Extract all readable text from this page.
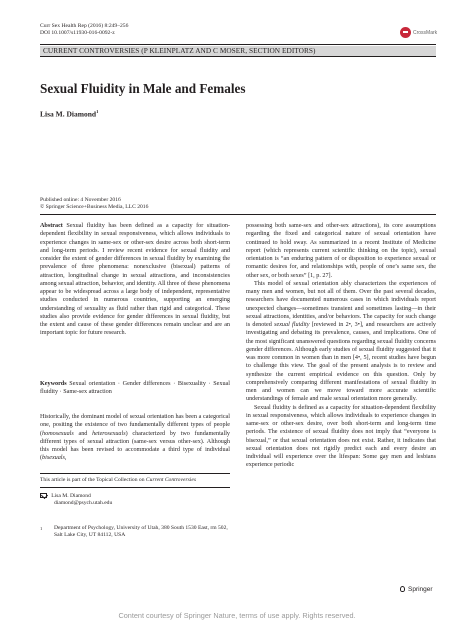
Curr Sex Health Rep (2016) 8:249–256
DOI 10.1007/s11930-016-0092-z	CrossMark
CURRENT CONTROVERSIES (P KLEINPLATZ AND C MOSER, SECTION EDITORS)
Sexual Fluidity in Male and Females
Lisa M. Diamond$^1$
Published online: 4 November 2016
© Springer Science+Business Media, LLC 2016

Abstract Sexual fluidity has been defined as a capacity for situation-dependent flexibility in sexual responsiveness, which allows individuals to experience changes in same-sex or other-sex desire across both short-term and long-term periods. I review recent evidence for sexual fluidity and consider the extent of gender differences in sexual fluidity by examining the prevalence of three phenomena: nonexclusive (bisexual) patterns of attraction, longitudinal change in sexual attractions, and inconsistencies among sexual attraction, behavior, and identity. All three of these phenomena appear to be widespread across a large body of independent, representative studies conducted in numerous countries, supporting an emerging understanding of sexuality as fluid rather than rigid and categorical. These studies also provide evidence for gender differences in sexual fluidity, but the extent and cause of these gender differences remain unclear and are an important topic for future research.

Keywords Sexual orientation · Gender differences · Bisexuality · Sexual fluidity · Same-sex attraction

Historically, the dominant model of sexual orientation has been a categorical one, positing the existence of two fundamentally different types of people (homosexuals and heterosexuals) characterized by two fundamentally different types of sexual attraction (same-sex versus other-sex). Although this model has been revised to accommodate a third type of individual (bisexuals,

This article is part of the Topical Collection on Current Controversies
Lisa M. Diamond
diamond@psych.utah.edu
1	Department of Psychology, University of Utah, 380 South 1530 East, rm 502, Salt Lake City, UT 84112, USA

possessing both same-sex and other-sex attractions), its core assumptions regarding the fixed and categorical nature of sexual orientation have continued to hold sway. As summarized in a recent Institute of Medicine report (which represents current scientific thinking on the topic), sexual orientation is “an enduring pattern of or disposition to experience sexual or romantic desires for, and relationships with, people of one’s same sex, the other sex, or both sexes” [1, p. 27].

This model of sexual orientation ably characterizes the experiences of many men and women, but not all of them. Over the past several decades, researchers have documented numerous cases in which individuals report unexpected changes—sometimes transient and sometimes lasting—in their sexual attractions, identities, and/or behaviors. The capacity for such change is denoted sexual fluidity [reviewed in 2•, 3•], and researchers are actively investigating and debating its prevalence, causes, and implications. One of the most significant unanswered questions regarding sexual fluidity concerns gender differences. Although early studies of sexual fluidity suggested that it was more common in women than in men [4•, 5], recent studies have begun to challenge this view. The goal of the present analysis is to review and synthesize the current empirical evidence on this question. Only by comprehensively comparing different manifestations of sexual fluidity in men and women can we move toward more accurate scientific understandings of female and male sexual orientation more generally.

Sexual fluidity is defined as a capacity for situation-dependent flexibility in sexual responsiveness, which allows individuals to experience changes in same-sex or other-sex desire, over both short-term and long-term time periods. The existence of sexual fluidity does not imply that “everyone is bisexual,” or that sexual orientation does not exist. Rather, it indicates that sexual orientation does not rigidly predict each and every desire an individual will experience over the lifespan: Some gay men and lesbians experience periodic

Springer
Content courtesy of Springer Nature, terms of use apply. Rights reserved.
